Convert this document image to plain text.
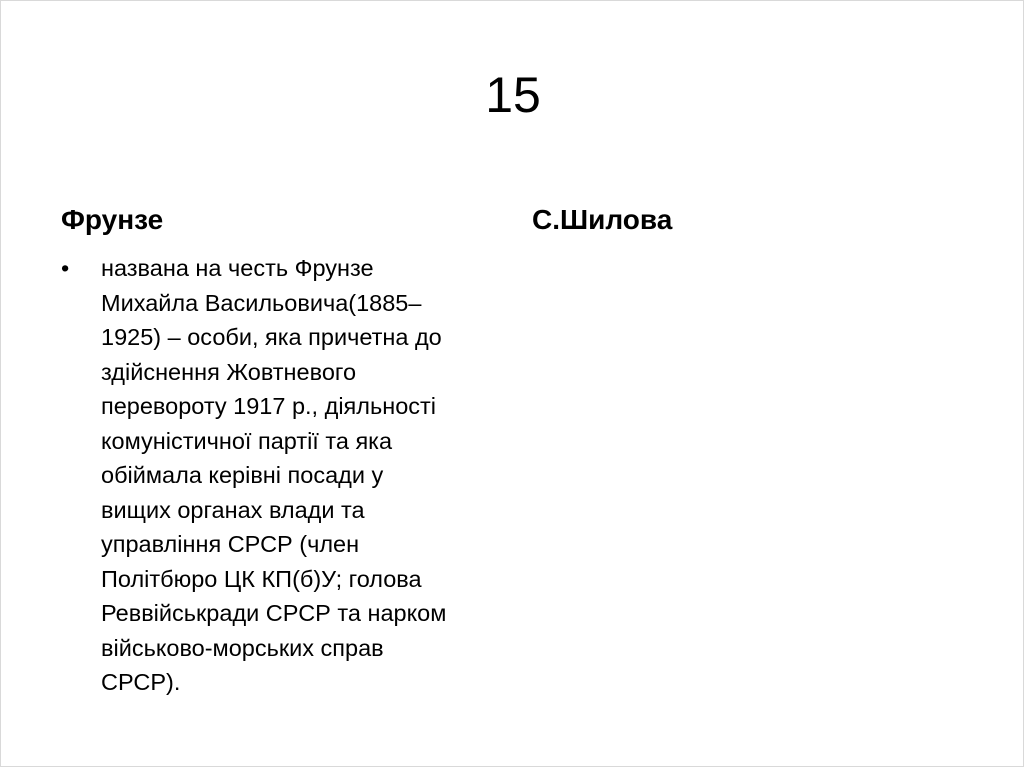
15
Фрунзе	С.Шилова
•	названа на честь Фрунзе
Михайла Васильовича(1885–
1925) – особи, яка причетна до
здійснення Жовтневого
перевороту 1917 р., діяльності
комуністичної партії та яка
обіймала керівні посади у
вищих органах влади та
управління СРСР (член
Політбюро ЦК КП(б)У; голова
Реввійськради СРСР та нарком
військово-морських справ
СРСР).
